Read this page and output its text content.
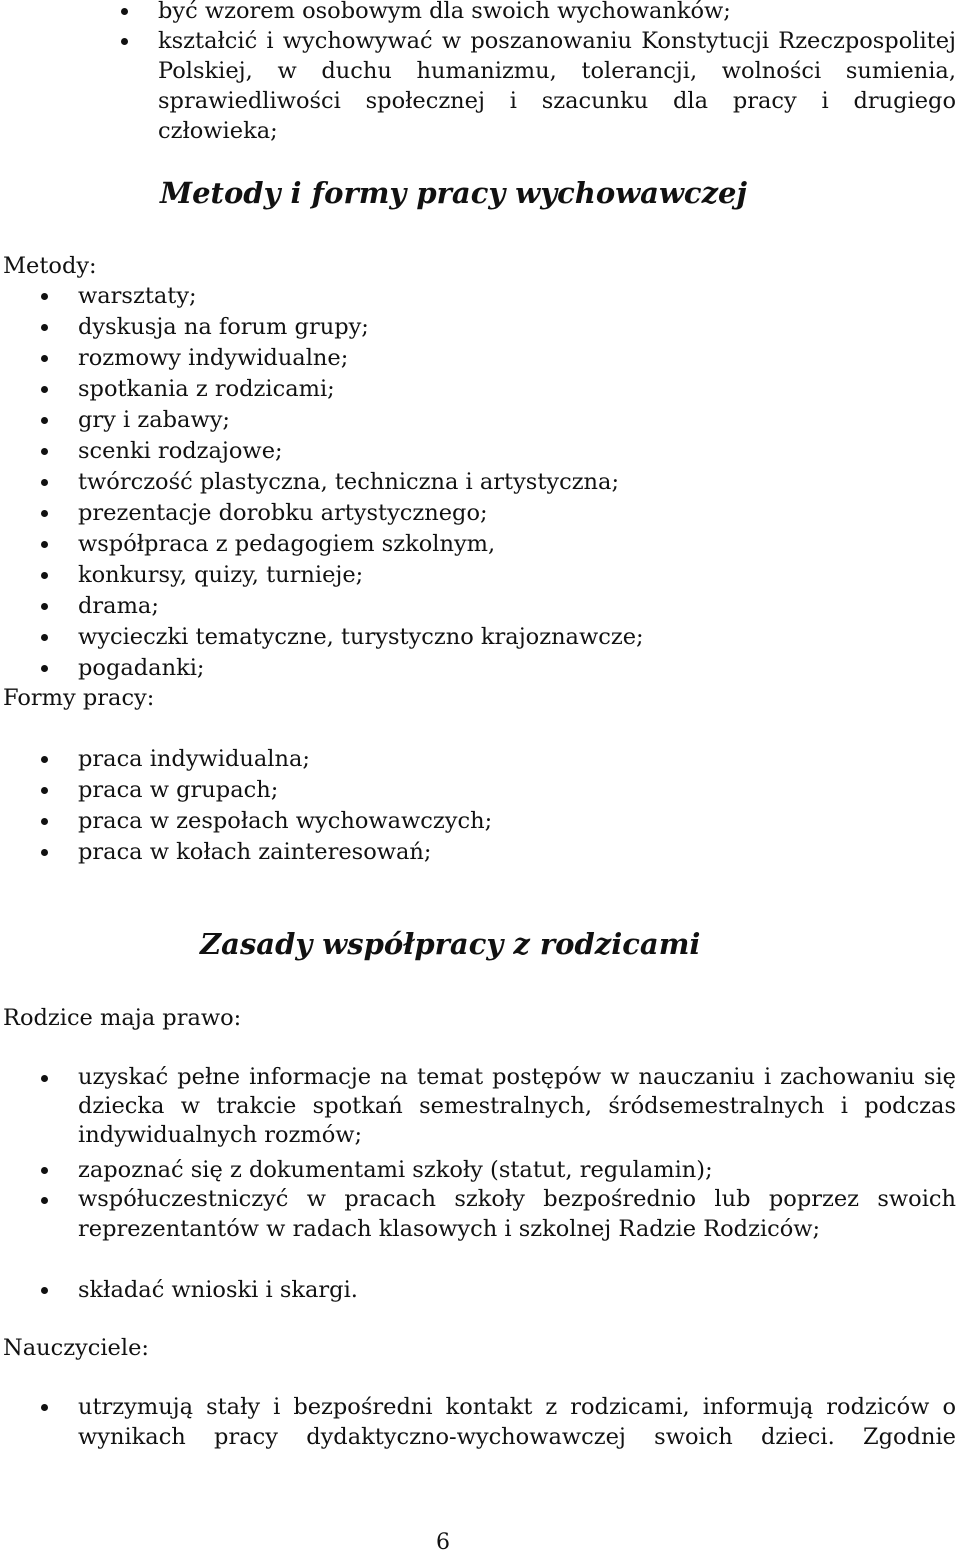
być wzorem osobowym dla swoich wychowanków;
kształcić i wychowywać w poszanowaniu Konstytucji Rzeczpospolitej Polskiej, w duchu humanizmu, tolerancji, wolności sumienia, sprawiedliwości społecznej i szacunku dla pracy i drugiego człowieka;
Metody i formy pracy wychowawczej
Metody:
warsztaty;
dyskusja na forum grupy;
rozmowy indywidualne;
spotkania z rodzicami;
gry i zabawy;
scenki rodzajowe;
twórczość plastyczna, techniczna i artystyczna;
prezentacje dorobku artystycznego;
współpraca z pedagogiem szkolnym,
konkursy, quizy, turnieje;
drama;
wycieczki tematyczne, turystyczno krajoznawcze;
pogadanki;
Formy pracy:
praca indywidualna;
praca w grupach;
praca w zespołach wychowawczych;
praca w kołach zainteresowań;
Zasady współpracy z rodzicami
Rodzice maja prawo:
uzyskać pełne informacje na temat postępów w nauczaniu i zachowaniu się dziecka w trakcie spotkań semestralnych, śródsemestralnych i podczas indywidualnych rozmów;
zapoznać się z dokumentami szkoły (statut, regulamin);
współuczestniczyć w pracach szkoły bezpośrednio lub poprzez swoich reprezentantów w radach klasowych i szkolnej Radzie Rodziców;
składać wnioski i skargi.
Nauczyciele:
utrzymują stały i bezpośredni kontakt z rodzicami, informują rodziców o wynikach pracy dydaktyczno-wychowawczej swoich dzieci. Zgodnie
6
